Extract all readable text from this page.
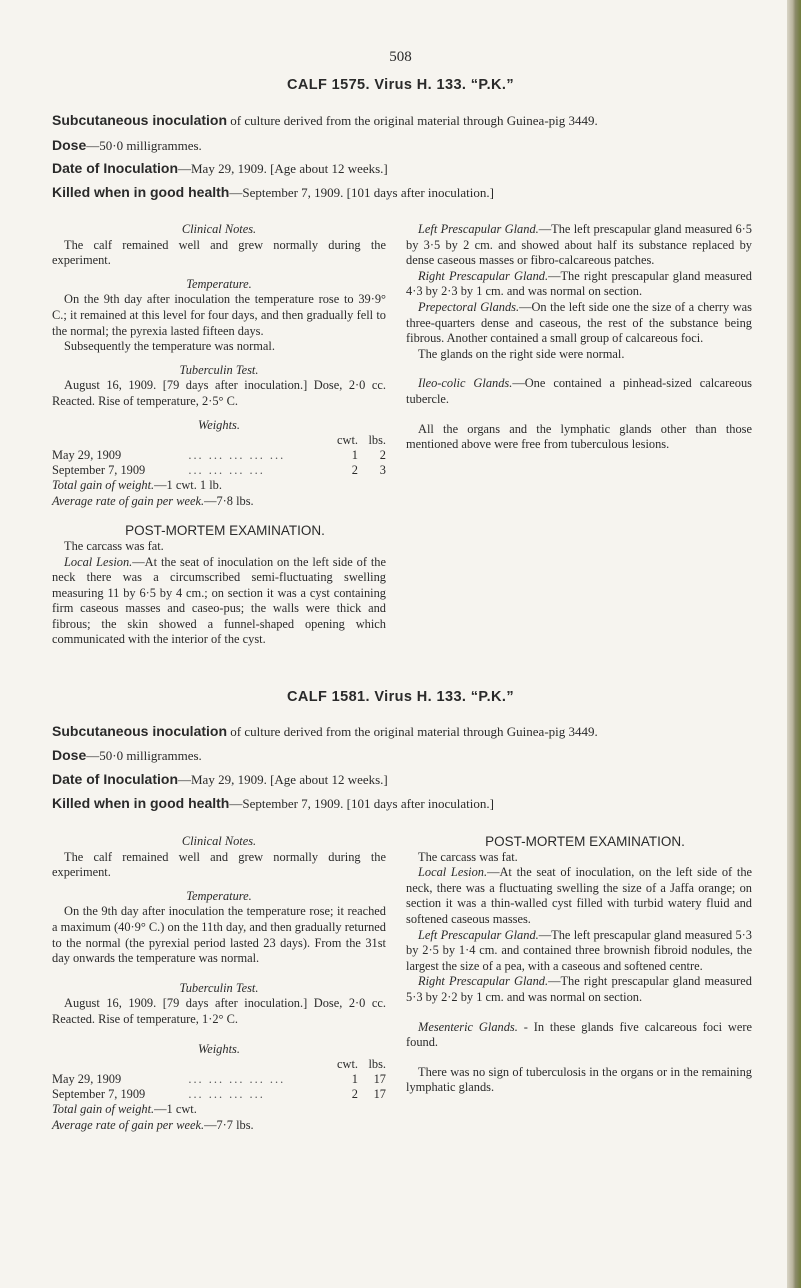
508
CALF 1575. Virus H. 133. “P.K.”
Subcutaneous inoculation of culture derived from the original material through Guinea-pig 3449.
Dose—50·0 milligrammes.
Date of Inoculation—May 29, 1909. [Age about 12 weeks.]
Killed when in good health—September 7, 1909. [101 days after inoculation.]

Clinical Notes.

The calf remained well and grew normally during the experiment.

Temperature.

On the 9th day after inoculation the temperature rose to 39·9° C.; it remained at this level for four days, and then gradually fell to the normal; the pyrexia lasted fifteen days.

Subsequently the temperature was normal.

Tuberculin Test.

August 16, 1909. [79 days after inoculation.] Dose, 2·0 cc. Reacted. Rise of temperature, 2·5° C.

Weights.

		cwt.	lbs.
May 29, 1909	... ... ... ... ...	1	2
September 7, 1909	... ... ... ...	2	3

Total gain of weight.—1 cwt. 1 lb.

Average rate of gain per week.—7·8 lbs.

POST-MORTEM EXAMINATION.

The carcass was fat.

Local Lesion.—At the seat of inoculation on the left side of the neck there was a circumscribed semi-fluctuating swelling measuring 11 by 6·5 by 4 cm.; on section it was a cyst containing firm caseous masses and caseo-pus; the walls were thick and fibrous; the skin showed a funnel-shaped opening which communicated with the interior of the cyst.

Left Prescapular Gland.—The left prescapular gland measured 6·5 by 3·5 by 2 cm. and showed about half its substance replaced by dense caseous masses or fibro-calcareous patches.

Right Prescapular Gland.—The right prescapular gland measured 4·3 by 2·3 by 1 cm. and was normal on section.

Prepectoral Glands.—On the left side one the size of a cherry was three-quarters dense and caseous, the rest of the substance being fibrous. Another contained a small group of calcareous foci.

The glands on the right side were normal.

Ileo-colic Glands.—One contained a pinhead-sized calcareous tubercle.

All the organs and the lymphatic glands other than those mentioned above were free from tuberculous lesions.

CALF 1581. Virus H. 133. “P.K.”
Subcutaneous inoculation of culture derived from the original material through Guinea-pig 3449.
Dose—50·0 milligrammes.
Date of Inoculation—May 29, 1909. [Age about 12 weeks.]
Killed when in good health—September 7, 1909. [101 days after inoculation.]

Clinical Notes.

The calf remained well and grew normally during the experiment.

Temperature.

On the 9th day after inoculation the temperature rose; it reached a maximum (40·9° C.) on the 11th day, and then gradually returned to the normal (the pyrexial period lasted 23 days). From the 31st day onwards the temperature was normal.

Tuberculin Test.

August 16, 1909. [79 days after inoculation.] Dose, 2·0 cc. Reacted. Rise of temperature, 1·2° C.

Weights.

		cwt.	lbs.
May 29, 1909	... ... ... ... ...	1	17
September 7, 1909	... ... ... ...	2	17

Total gain of weight.—1 cwt.

Average rate of gain per week.—7·7 lbs.

POST-MORTEM EXAMINATION.

The carcass was fat.

Local Lesion.—At the seat of inoculation, on the left side of the neck, there was a fluctuating swelling the size of a Jaffa orange; on section it was a thin-walled cyst filled with turbid watery fluid and softened caseous masses.

Left Prescapular Gland.—The left prescapular gland measured 5·3 by 2·5 by 1·4 cm. and contained three brownish fibroid nodules, the largest the size of a pea, with a caseous and softened centre.

Right Prescapular Gland.—The right prescapular gland measured 5·3 by 2·2 by 1 cm. and was normal on section.

Mesenteric Glands. - In these glands five calcareous foci were found.

There was no sign of tuberculosis in the organs or in the remaining lymphatic glands.
